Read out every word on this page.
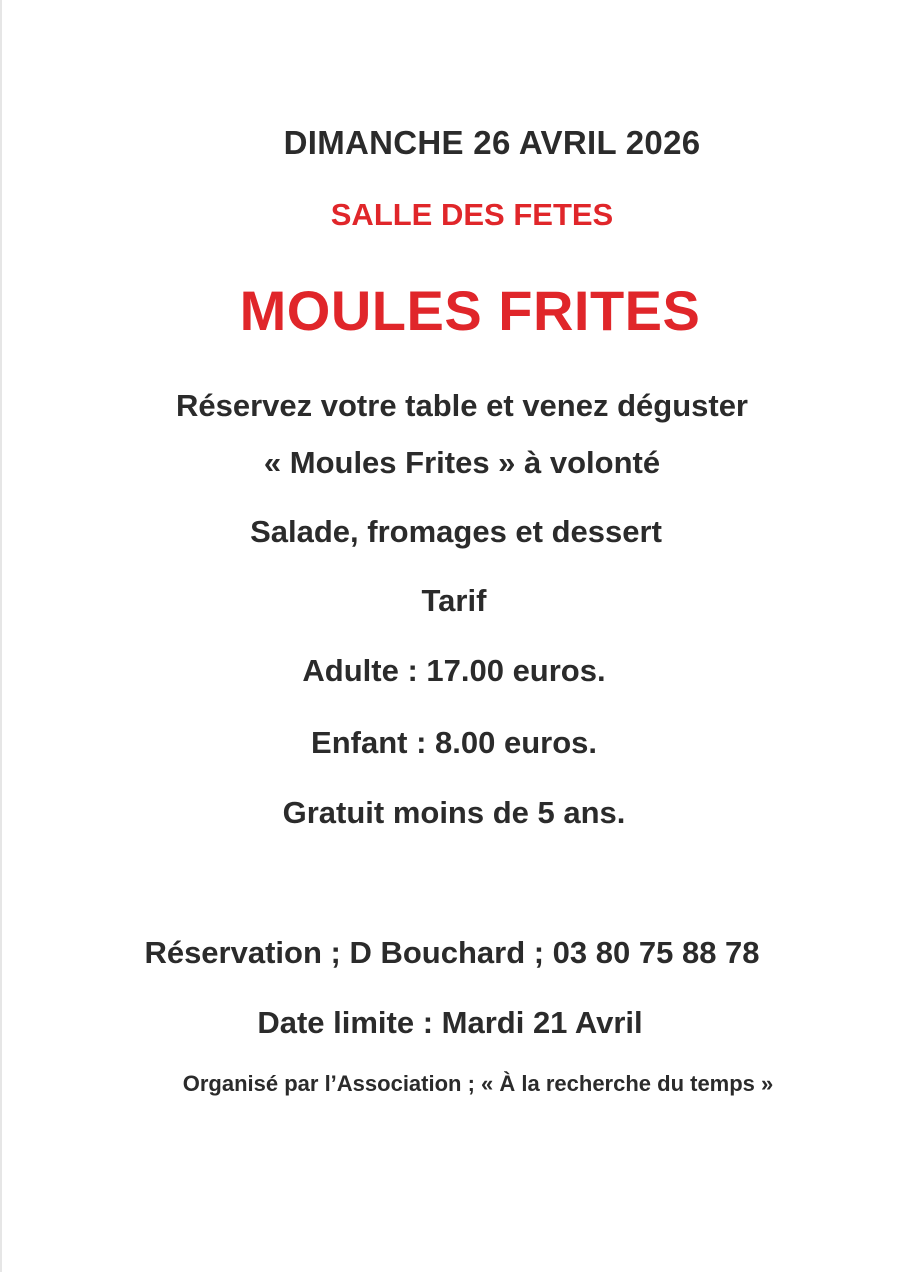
DIMANCHE 26 AVRIL 2026
SALLE DES FETES
MOULES FRITES
Réservez votre table et venez déguster
« Moules Frites » à volonté
Salade, fromages et dessert
Tarif
Adulte : 17.00 euros.
Enfant : 8.00 euros.
Gratuit moins de 5 ans.
Réservation ; D Bouchard ; 03 80 75 88 78
Date limite : Mardi 21 Avril
Organisé par l’Association ; « À la recherche du temps »
